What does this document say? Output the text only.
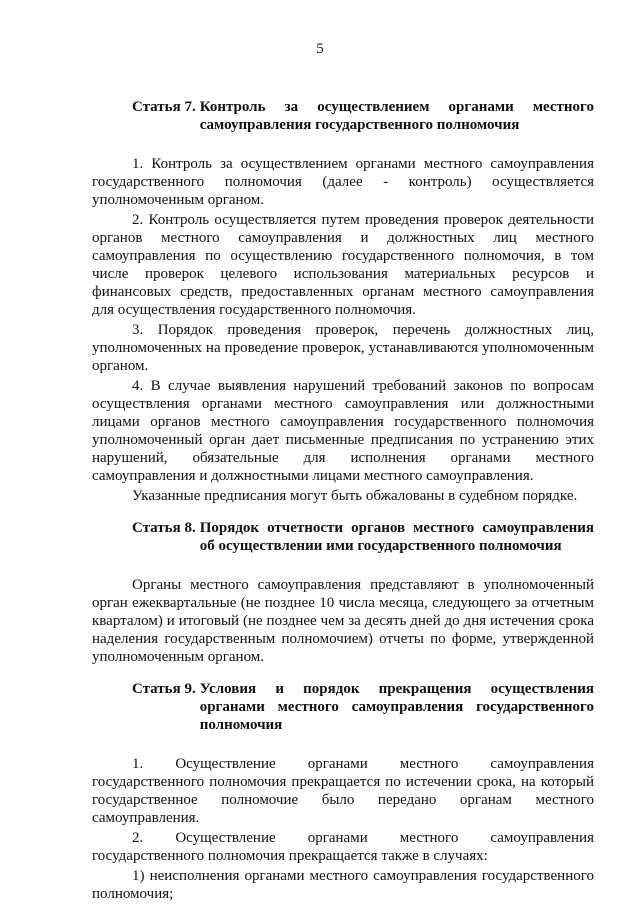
5
Статья 7. Контроль за осуществлением органами местного самоуправления государственного полномочия

1. Контроль за осуществлением органами местного самоуправления государственного полномочия (далее - контроль) осуществляется уполномоченным органом.

2. Контроль осуществляется путем проведения проверок деятельности органов местного самоуправления и должностных лиц местного самоуправления по осуществлению государственного полномочия, в том числе проверок целевого использования материальных ресурсов и финансовых средств, предоставленных органам местного самоуправления для осуществления государственного полномочия.

3. Порядок проведения проверок, перечень должностных лиц, уполномоченных на проведение проверок, устанавливаются уполномоченным органом.

4. В случае выявления нарушений требований законов по вопросам осуществления органами местного самоуправления или должностными лицами органов местного самоуправления государственного полномочия уполномоченный орган дает письменные предписания по устранению этих нарушений, обязательные для исполнения органами местного самоуправления и должностными лицами местного самоуправления.

Указанные предписания могут быть обжалованы в судебном порядке.

Статья 8. Порядок отчетности органов местного самоуправления об осуществлении ими государственного полномочия

Органы местного самоуправления представляют в уполномоченный орган ежеквартальные (не позднее 10 числа месяца, следующего за отчетным кварталом) и итоговый (не позднее чем за десять дней до дня истечения срока наделения государственным полномочием) отчеты по форме, утвержденной уполномоченным органом.

Статья 9. Условия и порядок прекращения осуществления органами местного самоуправления государственного полномочия

1. Осуществление органами местного самоуправления государственного полномочия прекращается по истечении срока, на который государственное полномочие было передано органам местного самоуправления.

2. Осуществление органами местного самоуправления государственного полномочия прекращается также в случаях:

1) неисполнения органами местного самоуправления государственного полномочия;
